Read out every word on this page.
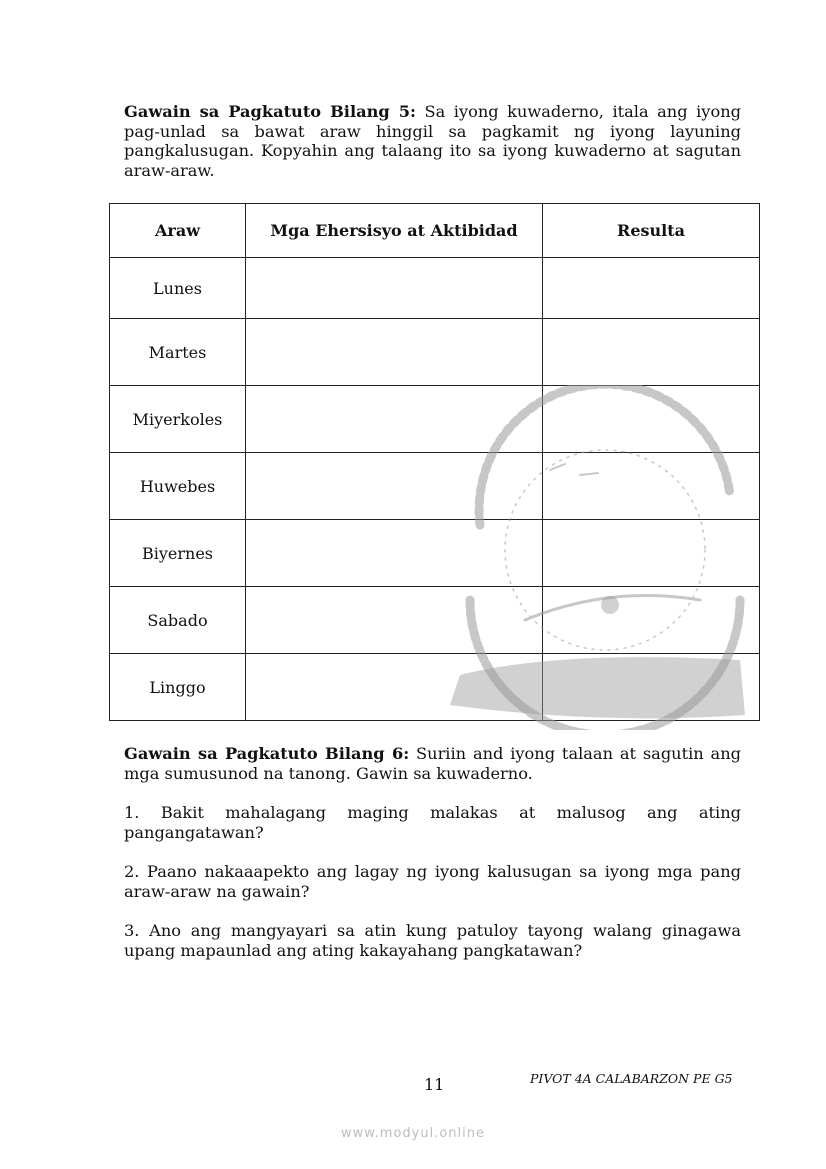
Gawain sa Pagkatuto Bilang 5: Sa iyong kuwaderno, itala ang iyong pag-unlad sa bawat araw hinggil sa pagkamit ng iyong layuning pangkalusugan. Kopyahin ang talaang ito sa iyong kuwaderno at sagutan araw-araw.

Araw	Mga Ehersisyo at Aktibidad	Resulta
Lunes		
Martes		
Miyerkoles		
Huwebes		
Biyernes		
Sabado		
Linggo		

Gawain sa Pagkatuto Bilang 6: Suriin and iyong talaan at sagutin ang mga sumusunod na tanong. Gawin sa kuwaderno.

1. Bakit mahalagang maging malakas at malusog ang ating pangangatawan?

2. Paano nakaaapekto ang lagay ng iyong kalusugan sa iyong mga pang araw-araw na gawain?

3. Ano ang mangyayari sa atin kung patuloy tayong walang ginagawa upang mapaunlad ang ating kakayahang pangkatawan?

11	PIVOT 4A CALABARZON PE G5
www.modyul.online
